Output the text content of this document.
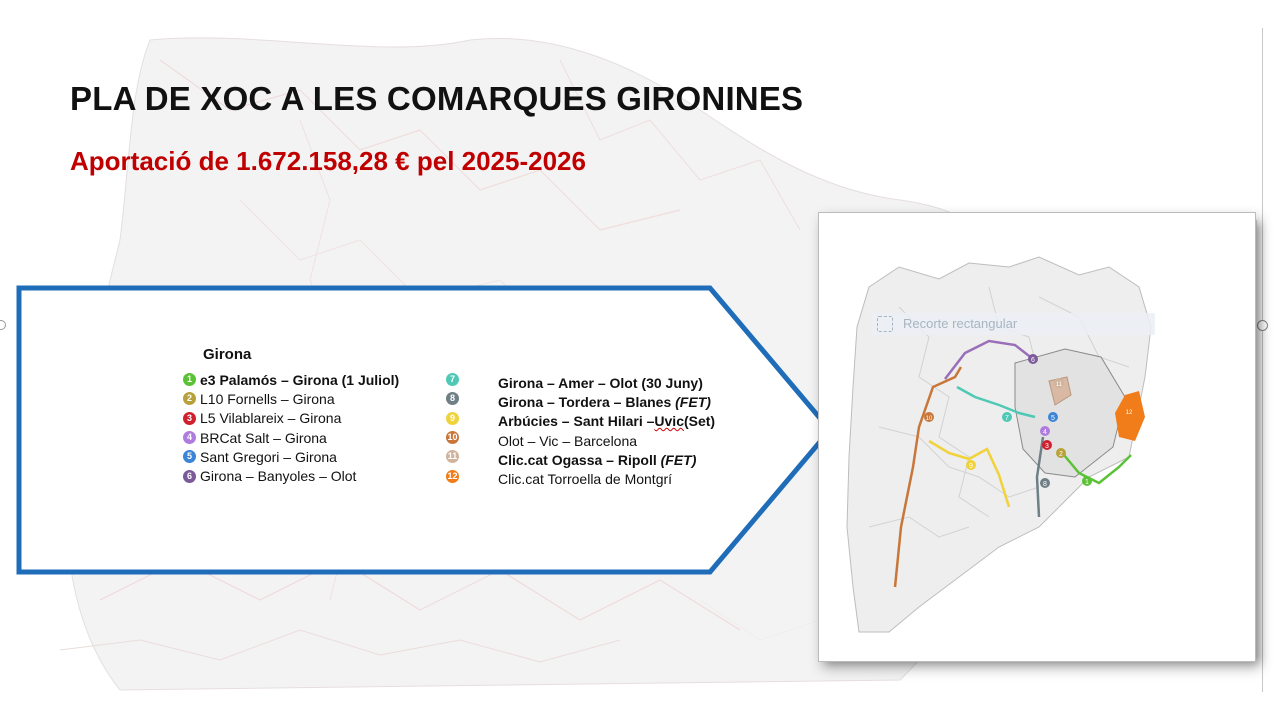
PLA DE XOC A LES COMARQUES GIRONINES
Aportació de 1.672.158,28 € pel 2025-2026
Girona
1 e3 Palamós – Girona (1 Juliol)
2 L10 Fornells – Girona
3 L5 Vilablareix – Girona
4 BRCat Salt – Girona
5 Sant Gregori – Girona
6 Girona – Banyoles – Olot
7
8
9
10
11
12
Girona – Amer – Olot (30 Juny)
Girona – Tordera – Blanes
(FET)
Arbúcies – Sant Hilari – Uvic (Set)
Olot – Vic – Barcelona
Clic.cat Ogassa – Ripoll
(FET)
Clic.cat Torroella de Montgrí
6
11
12
10	7	5
4
3
2
9
8	1
Recorte rectangular
